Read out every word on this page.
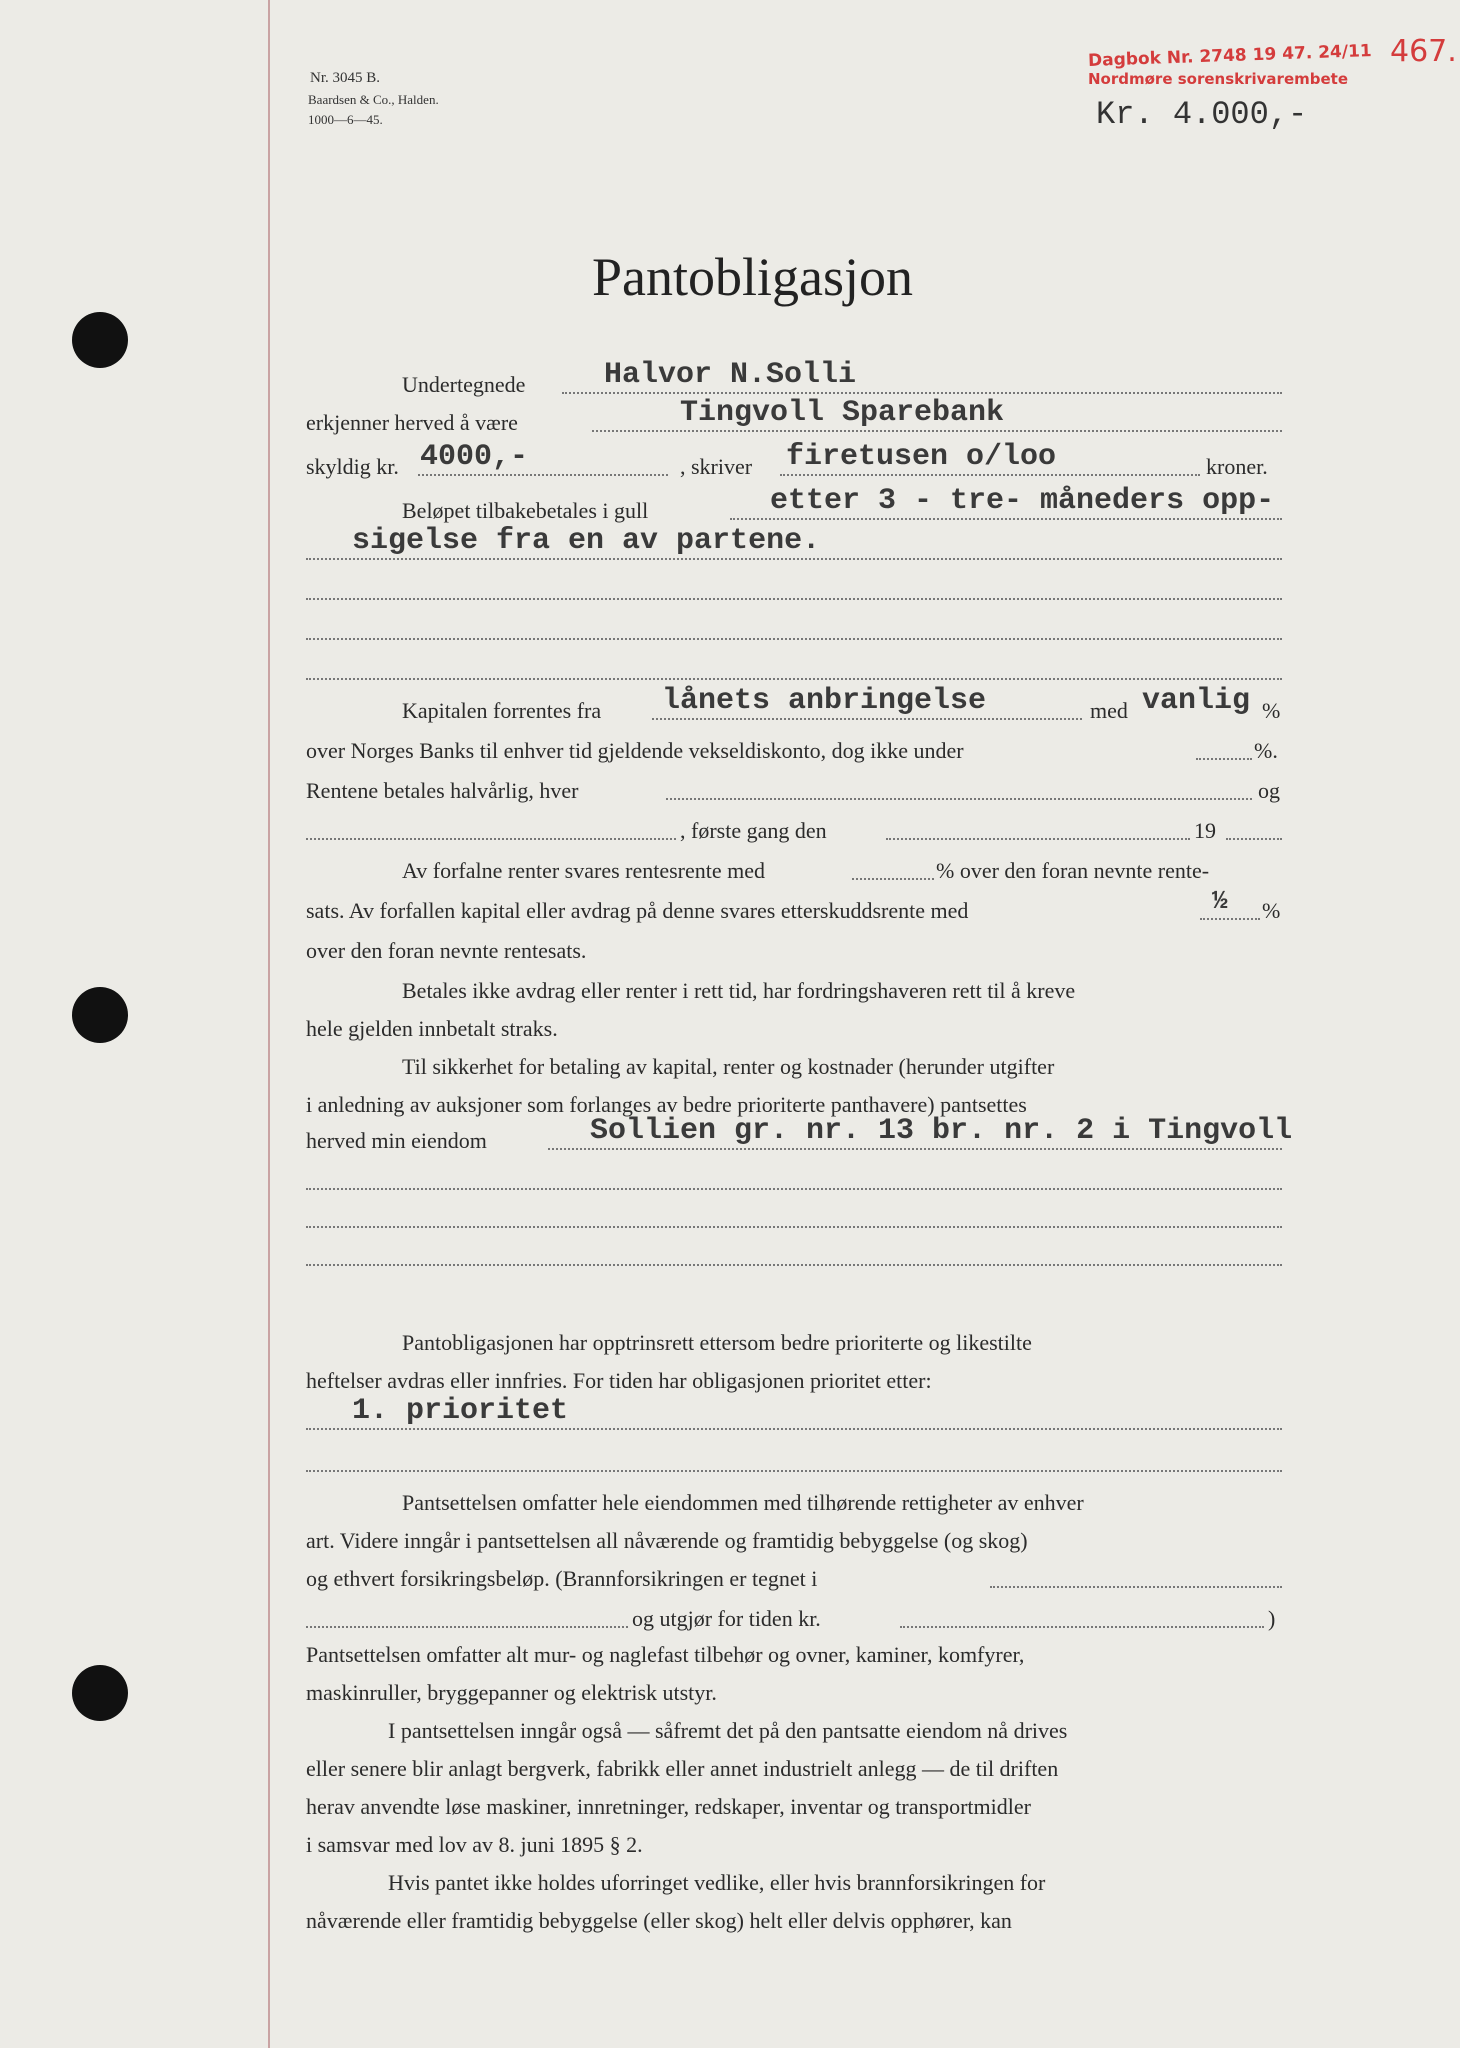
​
​
Nr. 3045 B.
Baardsen & Co., Halden.
1000—6—45.
Dagbok Nr. 2748 19 47. 24/11
Nordmøre sorenskrivarembete
467.
Kr. 4.000,-
Pantobligasjon
Undertegnede	Halvor N.Solli
erkjenner herved å være	Tingvoll Sparebank
skyldig kr. 4000,-	, skriver firetusen o/loo	kroner.
Beløpet tilbakebetales i gull	etter 3 - tre- måneders opp-
sigelse fra en av partene.
Kapitalen forrentes fra lånets anbringelse	med vanlig %
over Norges Banks til enhver tid gjeldende vekseldiskonto, dog ikke under	%.
Rentene betales halvårlig, hver	og
, første gang den	19
Av forfalne renter svares rentesrente med	% over den foran nevnte rente-
sats. Av forfallen kapital eller avdrag på denne svares etterskuddsrente med	½ %
over den foran nevnte rentesats.
Betales ikke avdrag eller renter i rett tid, har fordringshaveren rett til å kreve
hele gjelden innbetalt straks.
Til sikkerhet for betaling av kapital, renter og kostnader (herunder utgifter
i anledning av auksjoner som forlanges av bedre prioriterte panthavere) pantsettes
herved min eiendom	Sollien gr. nr. 13 br. nr. 2 i Tingvoll
Pantobligasjonen har opptrinsrett ettersom bedre prioriterte og likestilte
heftelser avdras eller innfries. For tiden har obligasjonen prioritet etter:
1. prioritet
Pantsettelsen omfatter hele eiendommen med tilhørende rettigheter av enhver
art. Videre inngår i pantsettelsen all nåværende og framtidig bebyggelse (og skog)
og ethvert forsikringsbeløp. (Brannforsikringen er tegnet i
og utgjør for tiden kr.	)
Pantsettelsen omfatter alt mur- og naglefast tilbehør og ovner, kaminer, komfyrer,
maskinruller, bryggepanner og elektrisk utstyr.
I pantsettelsen inngår også — såfremt det på den pantsatte eiendom nå drives
eller senere blir anlagt bergverk, fabrikk eller annet industrielt anlegg — de til driften
herav anvendte løse maskiner, innretninger, redskaper, inventar og transportmidler
i samsvar med lov av 8. juni 1895 § 2.
Hvis pantet ikke holdes uforringet vedlike, eller hvis brannforsikringen for
nåværende eller framtidig bebyggelse (eller skog) helt eller delvis opphører, kan
